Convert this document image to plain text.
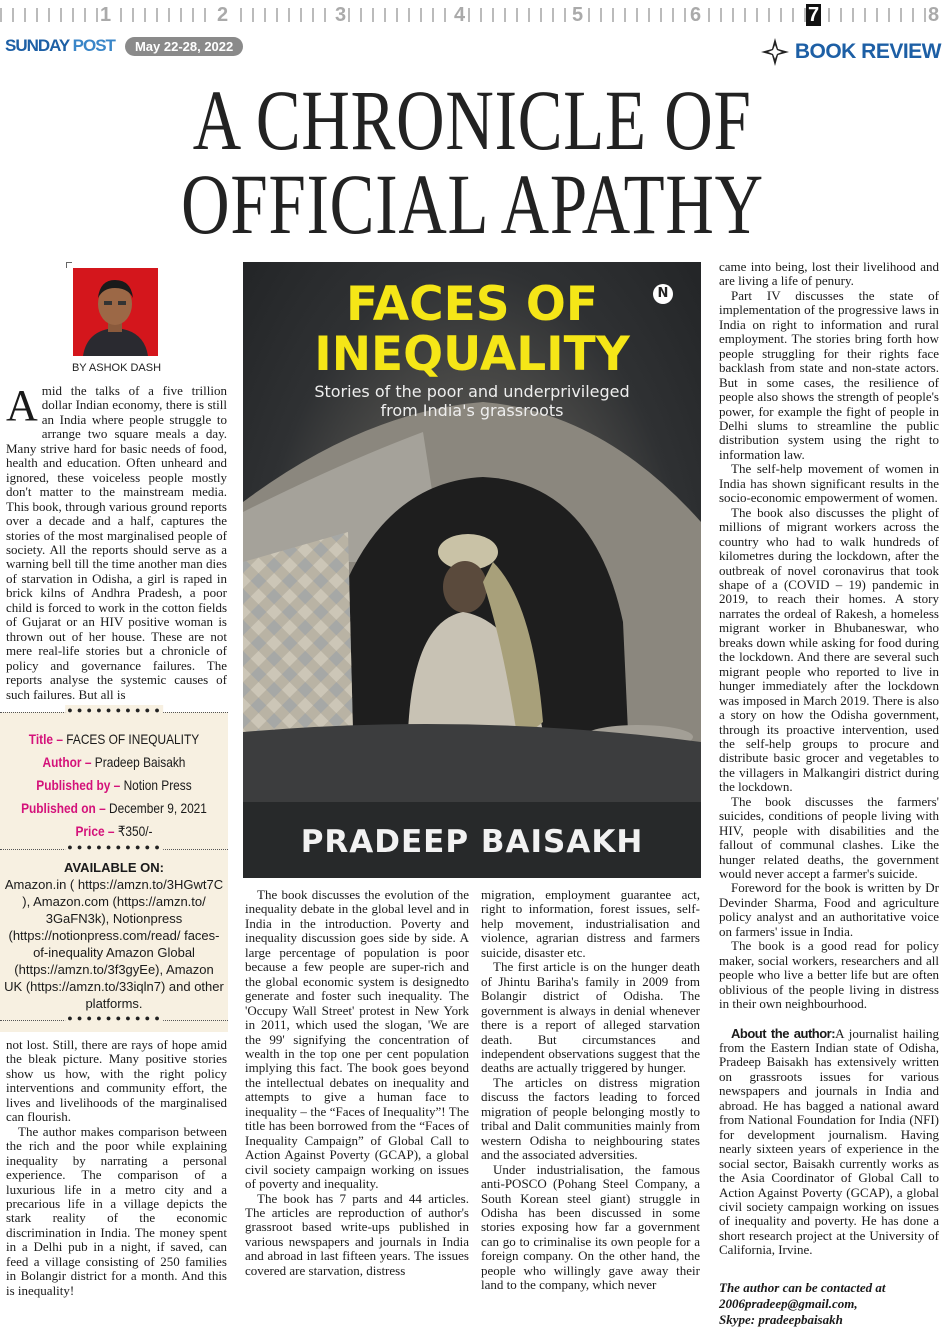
1	2	3	4	5	6	7	8
SUNDAY POST	May 22-28, 2022	BOOK REVIEW
A CHRONICLE OF
OFFICIAL APATHY
BY ASHOK DASH
A mid the talks of a five trillion dollar Indian economy, there is still an India where people struggle to arrange two square meals a day. Many strive hard for basic needs of food, health and education. Often unheard and ignored, these voiceless people mostly don't matter to the mainstream media. This book, through various ground reports over a decade and a half, captures the stories of the most marginalised people of society. All the reports should serve as a warning bell till the time another man dies of starvation in Odisha, a girl is raped in brick kilns of Andhra Pradesh, a poor child is forced to work in the cotton fields of Gujarat or an HIV positive woman is thrown out of her house. These are not mere real-life stories but a chronicle of policy and governance failures. The reports analyse the systemic causes of such failures. But all is

● ● ● ● ● ● ● ● ● ●
Title – FACES OF INEQUALITY
Author – Pradeep Baisakh
Published by – Notion Press
Published on – December 9, 2021
Price – ₹350/-
● ● ● ● ● ● ● ● ● ●
AVAILABLE ON:
Amazon.in ( https://amzn.to/3HGwt7C ), Amazon.com (https://amzn.to/ 3GaFN3k), Notionpress (https://notionpress.com/read/ faces-of-inequality Amazon Global (https://amzn.to/3f3gyEe), Amazon UK (https://amzn.to/33iqln7) and other platforms.
● ● ● ● ● ● ● ● ● ●

not lost. Still, there are rays of hope amid the bleak picture. Many positive stories show us how, with the right policy interventions and community effort, the lives and livelihoods of the marginalised can flourish.

The author makes comparison between the rich and the poor while explaining inequality by narrating a personal experience. The comparison of a luxurious life in a metro city and a precarious life in a village depicts the stark reality of the economic discrimination in India. The money spent in a Delhi pub in a night, if saved, can feed a village consisting of 250 families in Bolangir district for a month. And this is inequality!

FACES OF
INEQUALITY
N
Stories of the poor and underprivileged
from India's grassroots
PRADEEP BAISAKH

The book discusses the evolution of the inequality debate in the global level and in India in the introduction. Poverty and inequality discussion goes side by side. A large percentage of population is poor because a few people are super-rich and the global economic system is designedto generate and foster such inequality. The 'Occupy Wall Street' protest in New York in 2011, which used the slogan, 'We are the 99' signifying the concentration of wealth in the top one per cent population implying this fact. The book goes beyond the intellectual debates on inequality and attempts to give a human face to inequality – the “Faces of Inequality”! The title has been borrowed from the “Faces of Inequality Campaign” of Global Call to Action Against Poverty (GCAP), a global civil society campaign working on issues of poverty and inequality.

The book has 7 parts and 44 articles. The articles are reproduction of author's grassroot based write-ups published in various newspapers and journals in India and abroad in last fifteen years. The issues covered are starvation, distress

migration, employment guarantee act, right to information, forest issues, self-help movement, industrialisation and violence, agrarian distress and farmers suicide, disaster etc.

The first article is on the hunger death of Jhintu Bariha's family in 2009 from Bolangir district of Odisha. The government is always in denial whenever there is a report of alleged starvation death. But circumstances and independent observations suggest that the deaths are actually triggered by hunger.

The articles on distress migration discuss the factors leading to forced migration of people belonging mostly to tribal and Dalit communities mainly from western Odisha to neighbouring states and the associated adversities.

Under industrialisation, the famous anti-POSCO (Pohang Steel Company, a South Korean steel giant) struggle in Odisha has been discussed in some stories exposing how far a government can go to criminalise its own people for a foreign company. On the other hand, the people who willingly gave away their land to the company, which never

came into being, lost their livelihood and are living a life of penury.

Part IV discusses the state of implementation of the progressive laws in India on right to information and rural employment. The stories bring forth how people struggling for their rights face backlash from state and non-state actors. But in some cases, the resilience of people also shows the strength of people's power, for example the fight of people in Delhi slums to streamline the public distribution system using the right to information law.

The self-help movement of women in India has shown significant results in the socio-economic empowerment of women.

The book also discusses the plight of millions of migrant workers across the country who had to walk hundreds of kilometres during the lockdown, after the outbreak of novel coronavirus that took shape of a (COVID – 19) pandemic in 2019, to reach their homes. A story narrates the ordeal of Rakesh, a homeless migrant worker in Bhubaneswar, who breaks down while asking for food during the lockdown. And there are several such migrant people who reported to live in hunger immediately after the lockdown was imposed in March 2019. There is also a story on how the Odisha government, through its proactive intervention, used the self-help groups to procure and distribute basic grocer and vegetables to the villagers in Malkangiri district during the lockdown.

The book discusses the farmers' suicides, conditions of people living with HIV, people with disabilities and the fallout of communal clashes. Like the hunger related deaths, the government would never accept a farmer's suicide.

Foreword for the book is written by Dr Devinder Sharma, Food and agriculture policy analyst and an authoritative voice on farmers' issue in India.

The book is a good read for policy maker, social workers, researchers and all people who live a better life but are often oblivious of the people living in distress in their own neighbourhood.

About the author:A journalist hailing from the Eastern Indian state of Odisha, Pradeep Baisakh has extensively written on grassroots issues for various newspapers and journals in India and abroad. He has bagged a national award from National Foundation for India (NFI) for development journalism. Having nearly sixteen years of experience in the social sector, Baisakh currently works as the Asia Coordinator of Global Call to Action Against Poverty (GCAP), a global civil society campaign working on issues of inequality and poverty. He has done a short research project at the University of California, Irvine.

The author can be contacted at
2006pradeep@gmail.com,
Skype: pradeepbaisakh
